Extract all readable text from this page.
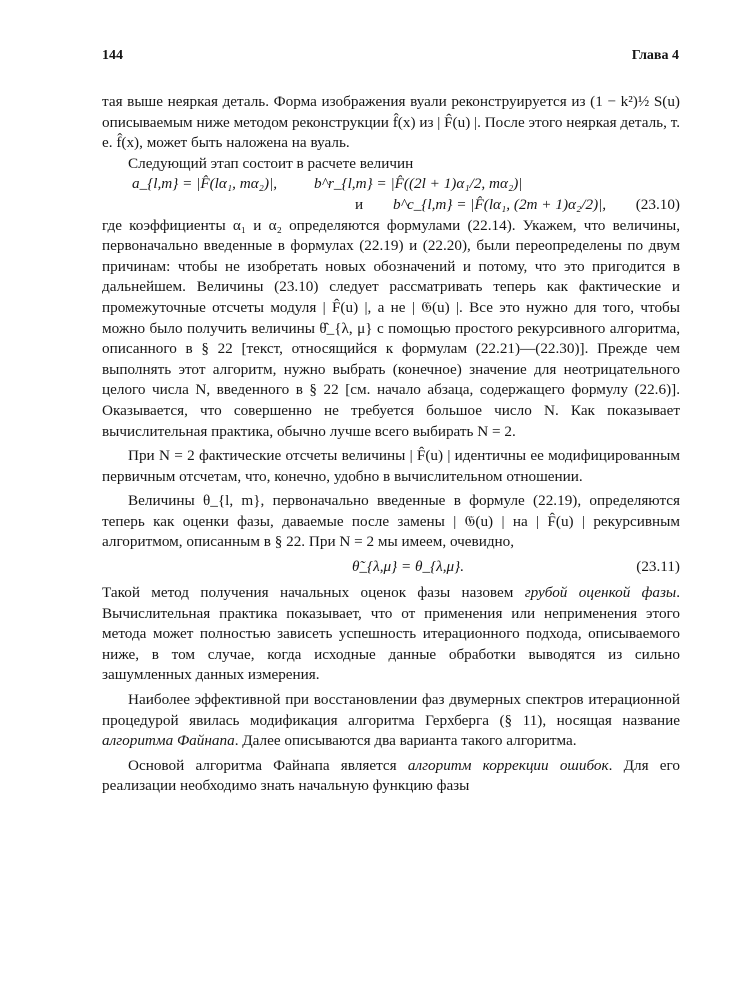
144	Глава 4

тая выше неяркая деталь. Форма изображения вуали реконструируется из (1 − k²)½ S(u) описываемым ниже методом реконструкции f̂(x) из | F̂(u) |. После этого неяркая деталь, т. е. f̂(x), может быть наложена на вуаль.

Следующий этап состоит в расчете величин

a_{l,m} = |F̂(lα₁, mα₂)|, b^r_{l,m} = |F̂((2l + 1)α₁/2, mα₂)|
и b^c_{l,m} = |F̂(lα₁, (2m + 1)α₂/2)|, (23.10)

где коэффициенты α₁ и α₂ определяются формулами (22.14). Укажем, что величины, первоначально введенные в формулах (22.19) и (22.20), были переопределены по двум причинам: чтобы не изобретать новых обозначений и потому, что это пригодится в дальнейшем. Величины (23.10) следует рассматривать теперь как фактические и промежуточные отсчеты модуля | F̂(u) |, а не | 𝔊(u) |. Все это нужно для того, чтобы можно было получить величины θ̂_{λ, μ} с помощью простого рекурсивного алгоритма, описанного в § 22 [текст, относящийся к формулам (22.21)—(22.30)]. Прежде чем выполнять этот алгоритм, нужно выбрать (конечное) значение для неотрицательного целого числа N, введенного в § 22 [см. начало абзаца, содержащего формулу (22.6)]. Оказывается, что совершенно не требуется большое число N. Как показывает вычислительная практика, обычно лучше всего выбирать N = 2.

При N = 2 фактические отсчеты величины | F̂(u) | идентичны ее модифицированным первичным отсчетам, что, конечно, удобно в вычислительном отношении.

Величины θ_{l, m}, первоначально введенные в формуле (22.19), определяются теперь как оценки фазы, даваемые после замены | 𝔊(u) | на | F̂(u) | рекурсивным алгоритмом, описанным в § 22. При N = 2 мы имеем, очевидно,

θ̃_{λ,μ} = θ_{λ,μ}.	(23.11)

Такой метод получения начальных оценок фазы назовем грубой оценкой фазы. Вычислительная практика показывает, что от применения или неприменения этого метода может полностью зависеть успешность итерационного подхода, описываемого ниже, в том случае, когда исходные данные обработки выводятся из сильно зашумленных данных измерения.

Наиболее эффективной при восстановлении фаз двумерных спектров итерационной процедурой явилась модификация алгоритма Герхберга (§ 11), носящая название алгоритма Файнапа. Далее описываются два варианта такого алгоритма.

Основой алгоритма Файнапа является алгоритм коррекции ошибок. Для его реализации необходимо знать начальную функцию фазы
